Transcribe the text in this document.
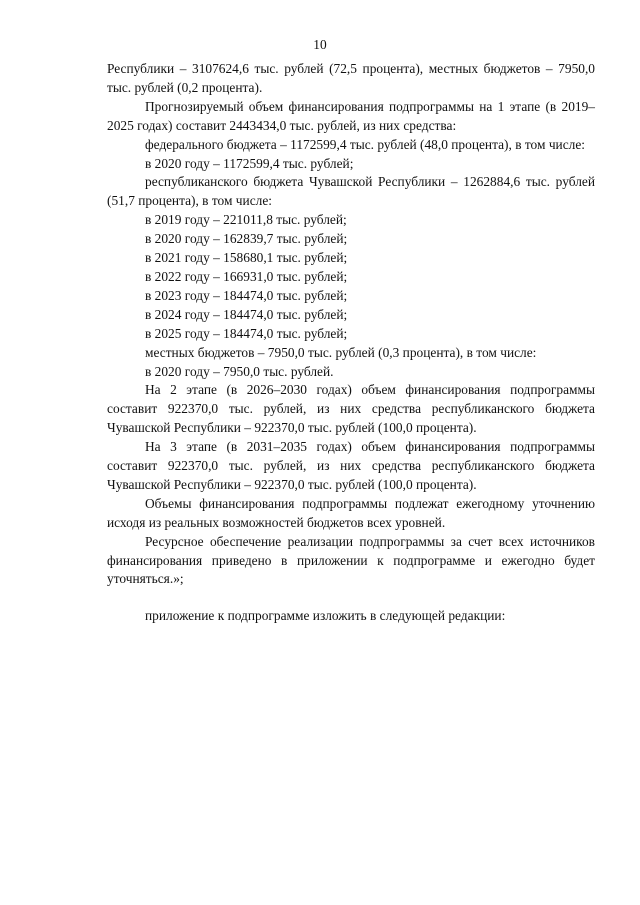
10

Республики – 3107624,6 тыс. рублей (72,5 процента), местных бюджетов – 7950,0 тыс. рублей (0,2 процента).

Прогнозируемый объем финансирования подпрограммы на 1 этапе (в 2019–2025 годах) составит 2443434,0 тыс. рублей, из них средства:

федерального бюджета – 1172599,4 тыс. рублей (48,0 процента), в том числе:

в 2020 году – 1172599,4 тыс. рублей;

республиканского бюджета Чувашской Республики – 1262884,6 тыс. рублей (51,7 процента), в том числе:

в 2019 году – 221011,8 тыс. рублей;

в 2020 году – 162839,7 тыс. рублей;

в 2021 году – 158680,1 тыс. рублей;

в 2022 году – 166931,0 тыс. рублей;

в 2023 году – 184474,0 тыс. рублей;

в 2024 году – 184474,0 тыс. рублей;

в 2025 году – 184474,0 тыс. рублей;

местных бюджетов – 7950,0 тыс. рублей (0,3 процента), в том числе:

в 2020 году – 7950,0 тыс. рублей.

На 2 этапе (в 2026–2030 годах) объем финансирования подпрограммы составит 922370,0 тыс. рублей, из них средства республиканского бюджета Чувашской Республики – 922370,0 тыс. рублей (100,0 процента).

На 3 этапе (в 2031–2035 годах) объем финансирования подпрограммы составит 922370,0 тыс. рублей, из них средства республиканского бюджета Чувашской Республики – 922370,0 тыс. рублей (100,0 процента).

Объемы финансирования подпрограммы подлежат ежегодному уточнению исходя из реальных возможностей бюджетов всех уровней.

Ресурсное обеспечение реализации подпрограммы за счет всех источников финансирования приведено в приложении к подпрограмме и ежегодно будет уточняться.»;

приложение к подпрограмме изложить в следующей редакции:
